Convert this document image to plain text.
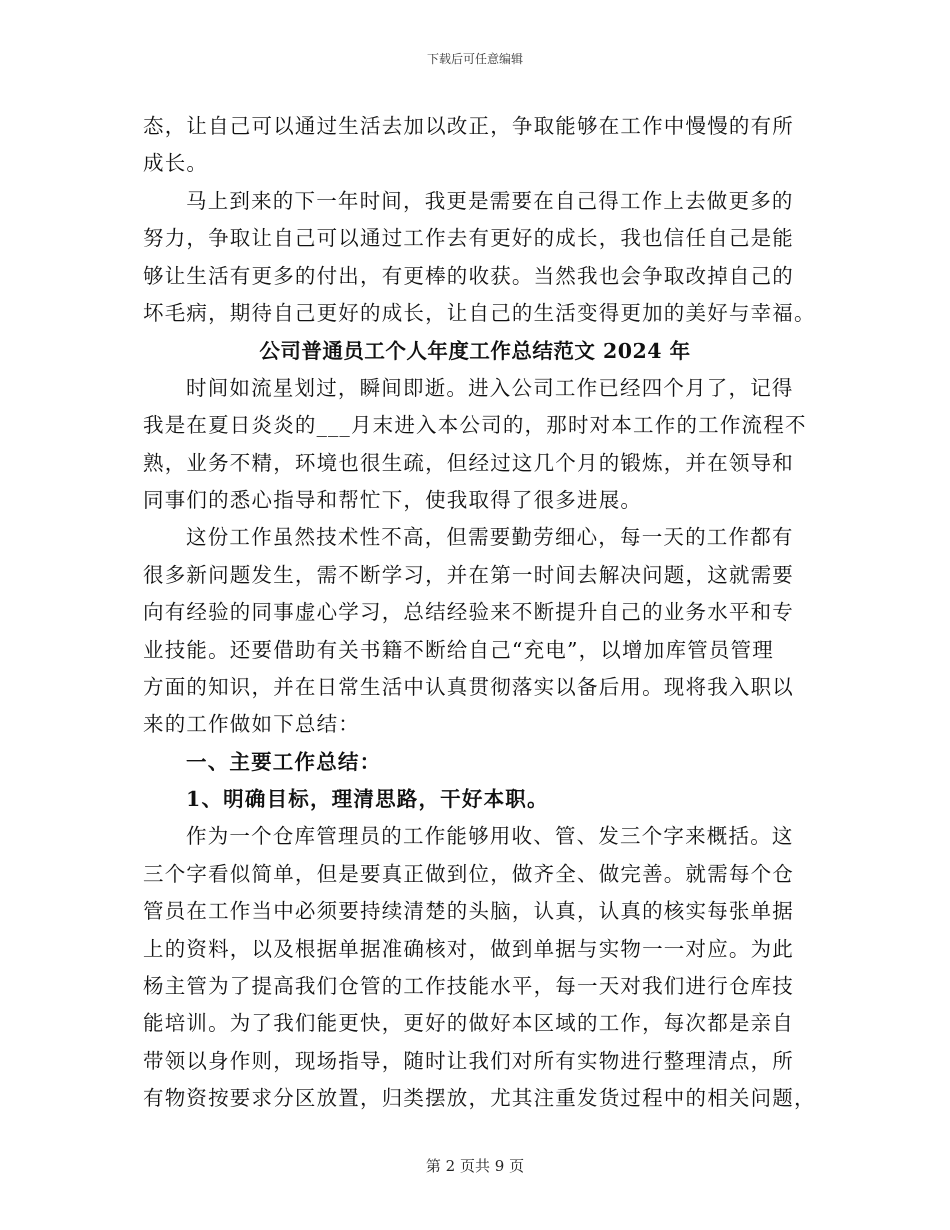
下载后可任意编辑
态，让自己可以通过生活去加以改正，争取能够在工作中慢慢的有所
成长。
马上到来的下一年时间，我更是需要在自己得工作上去做更多的
努力，争取让自己可以通过工作去有更好的成长，我也信任自己是能
够让生活有更多的付出，有更棒的收获。当然我也会争取改掉自己的
坏毛病，期待自己更好的成长，让自己的生活变得更加的美好与幸福。
公司普通员工个人年度工作总结范文 2024 年
时间如流星划过，瞬间即逝。进入公司工作已经四个月了，记得
我是在夏日炎炎的___月末进入本公司的，那时对本工作的工作流程不
熟，业务不精，环境也很生疏，但经过这几个月的锻炼，并在领导和
同事们的悉心指导和帮忙下，使我取得了很多进展。
这份工作虽然技术性不高，但需要勤劳细心，每一天的工作都有
很多新问题发生，需不断学习，并在第一时间去解决问题，这就需要
向有经验的同事虚心学习，总结经验来不断提升自己的业务水平和专
业技能。还要借助有关书籍不断给自己“充电”，以增加库管员管理
方面的知识，并在日常生活中认真贯彻落实以备后用。现将我入职以
来的工作做如下总结：
一、主要工作总结：
1、明确目标，理清思路，干好本职。
作为一个仓库管理员的工作能够用收、管、发三个字来概括。这
三个字看似简单，但是要真正做到位，做齐全、做完善。就需每个仓
管员在工作当中必须要持续清楚的头脑，认真，认真的核实每张单据
上的资料，以及根据单据准确核对，做到单据与实物一一对应。为此
杨主管为了提高我们仓管的工作技能水平，每一天对我们进行仓库技
能培训。为了我们能更快，更好的做好本区域的工作，每次都是亲自
带领以身作则，现场指导，随时让我们对所有实物进行整理清点，所
有物资按要求分区放置，归类摆放，尤其注重发货过程中的相关问题，
第 2 页共 9 页
